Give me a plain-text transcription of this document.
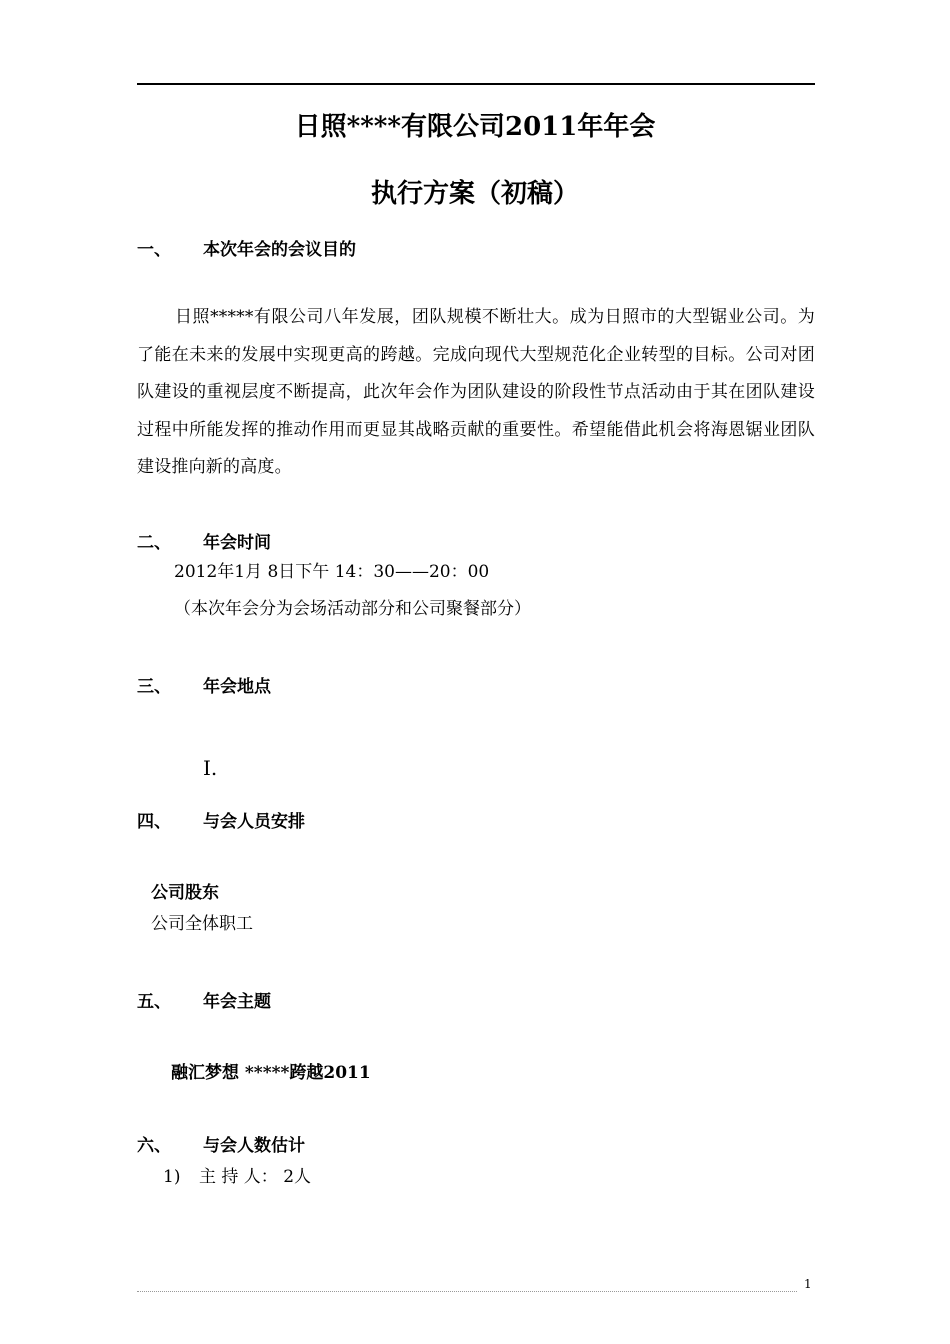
日照****有限公司2011年年会
执行方案（初稿）
一、 本次年会的会议目的
日照*****有限公司八年发展，团队规模不断壮大。成为日照市的大型锯业公司。为了能在未来的发展中实现更高的跨越。完成向现代大型规范化企业转型的目标。公司对团队建设的重视层度不断提高，此次年会作为团队建设的阶段性节点活动由于其在团队建设过程中所能发挥的推动作用而更显其战略贡献的重要性。希望能借此机会将海恩锯业团队建设推向新的高度。
二、 年会时间
2012年1月 8日下午 14：30——20：00
（本次年会分为会场活动部分和公司聚餐部分）
三、 年会地点
I.
四、 与会人员安排
公司股东
公司全体职工
五、 年会主题
融汇梦想 *****跨越2011
六、 与会人数估计
1) 主 持 人： 2人
1
